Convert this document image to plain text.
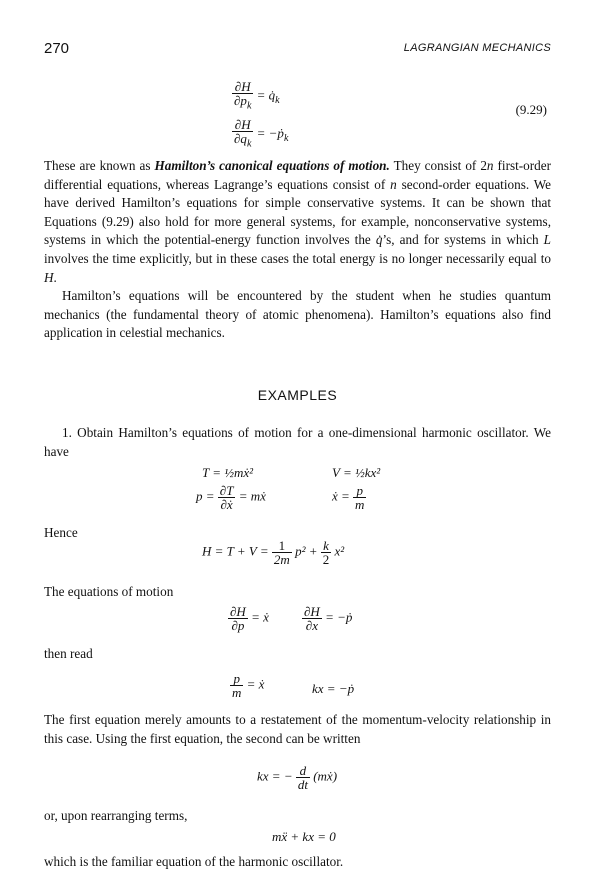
270	LAGRANGIAN MECHANICS
$\frac{\partial H}{\partial p_k}$ = $q̇_k$
$\frac{\partial H}{\partial q_k}$ = −ṗ$_k$
(9.29)

These are known as Hamilton’s canonical equations of motion. They consist of 2n first-order differential equations, whereas Lagrange’s equations consist of n second-order equations. We have derived Hamilton’s equations for simple conservative systems. It can be shown that Equations (9.29) also hold for more general systems, for example, nonconservative systems, systems in which the potential-energy function involves the q̇’s, and for systems in which L involves the time explicitly, but in these cases the total energy is no longer necessarily equal to H.

Hamilton’s equations will be encountered by the student when he studies quantum mechanics (the fundamental theory of atomic phenomena). Hamilton’s equations also find application in celestial mechanics.

EXAMPLES

1. Obtain Hamilton’s equations of motion for a one-dimensional harmonic oscillator. We have

T = ½mẋ²	V = ½kx²
$p = \frac{\partial T}{\text{∂ẋ}}$ = mẋ	ẋ = $\frac{p}{m}$
Hence
$H = T + V = \frac{1}{2m} p^2 + \frac{k}{2} x^2$
The equations of motion
$\frac{\partial H}{\partial p}$ = ẋ	$\frac{\partial H}{\partial x}$ = −ṗ
then read
$\frac{p}{m}$ = ẋ	kx = −ṗ

The first equation merely amounts to a restatement of the momentum-velocity relationship in this case. Using the first equation, the second can be written

kx = − $\frac{d}{dt}$ (mẋ)
or, upon rearranging terms,
mẍ + kx = 0
which is the familiar equation of the harmonic oscillator.
